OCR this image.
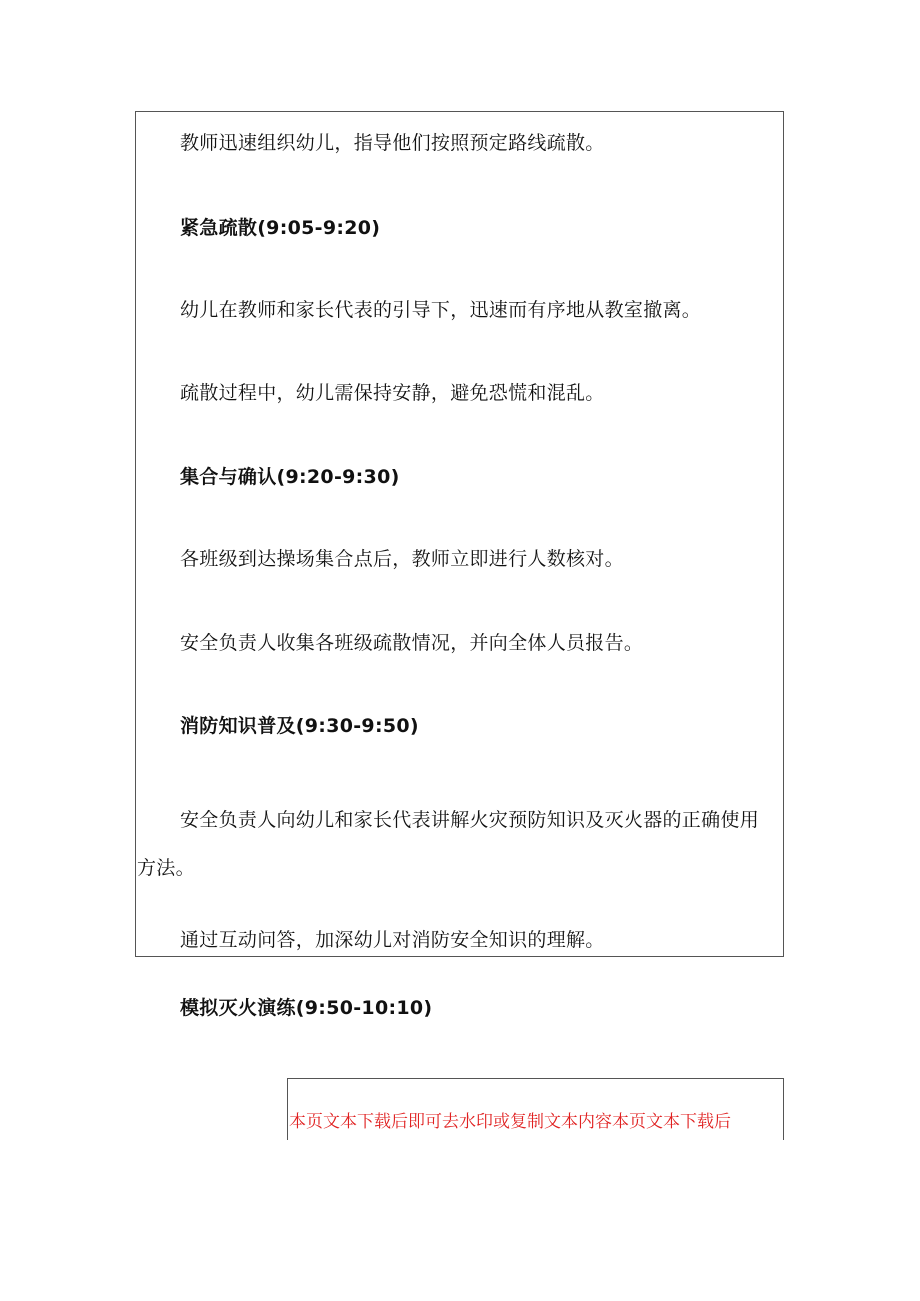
教师迅速组织幼儿，指导他们按照预定路线疏散。
紧急疏散(9:05-9:20)
幼儿在教师和家长代表的引导下，迅速而有序地从教室撤离。
疏散过程中，幼儿需保持安静，避免恐慌和混乱。
集合与确认(9:20-9:30)
各班级到达操场集合点后，教师立即进行人数核对。
安全负责人收集各班级疏散情况，并向全体人员报告。
消防知识普及(9:30-9:50)
安全负责人向幼儿和家长代表讲解火灾预防知识及灭火器的正确使用方法。
通过互动问答，加深幼儿对消防安全知识的理解。
模拟灭火演练(9:50-10:10)
本页文本下载后即可去水印或复制文本内容本页文本下载后
